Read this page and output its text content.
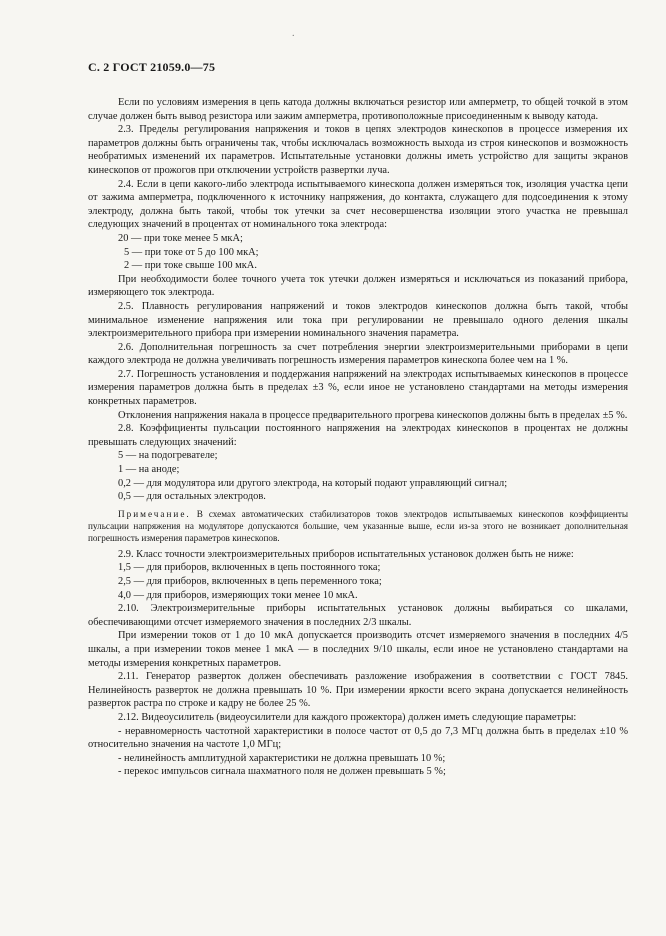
.
С. 2 ГОСТ 21059.0—75

Если по условиям измерения в цепь катода должны включаться резистор или амперметр, то общей точкой в этом случае должен быть вывод резистора или зажим амперметра, противоположные присоединенным к выводу катода.

2.3. Пределы регулирования напряжения и токов в цепях электродов кинескопов в процессе измерения их параметров должны быть ограничены так, чтобы исключалась возможность выхода из строя кинескопов и возможность необратимых изменений их параметров. Испытательные установки должны иметь устройство для защиты экранов кинескопов от прожогов при отключении устройств развертки луча.

2.4. Если в цепи какого-либо электрода испытываемого кинескопа должен измеряться ток, изоляция участка цепи от зажима амперметра, подключенного к источнику напряжения, до контакта, служащего для подсоединения к этому электроду, должна быть такой, чтобы ток утечки за счет несовершенства изоляции этого участка не превышал следующих значений в процентах от номинального тока электрода:

20 — при токе менее 5 мкА;

5 — при токе от 5 до 100 мкА;

2 — при токе свыше 100 мкА.

При необходимости более точного учета ток утечки должен измеряться и исключаться из показаний прибора, измеряющего ток электрода.

2.5. Плавность регулирования напряжений и токов электродов кинескопов должна быть такой, чтобы минимальное изменение напряжения или тока при регулировании не превышало одного деления шкалы электроизмерительного прибора при измерении номинального значения параметра.

2.6. Дополнительная погрешность за счет потребления энергии электроизмерительными приборами в цепи каждого электрода не должна увеличивать погрешность измерения параметров кинескопа более чем на 1 %.

2.7. Погрешность установления и поддержания напряжений на электродах испытываемых кинескопов в процессе измерения параметров должна быть в пределах ±3 %, если иное не установлено стандартами на методы измерения конкретных параметров.

Отклонения напряжения накала в процессе предварительного прогрева кинескопов должны быть в пределах ±5 %.

2.8. Коэффициенты пульсации постоянного напряжения на электродах кинескопов в процентах не должны превышать следующих значений:

5 — на подогревателе;

1 — на аноде;

0,2 — для модулятора или другого электрода, на который подают управляющий сигнал;

0,5 — для остальных электродов.

Примечание. В схемах автоматических стабилизаторов токов электродов испытываемых кинескопов коэффициенты пульсации напряжения на модуляторе допускаются большие, чем указанные выше, если из-за этого не возникает дополнительная погрешность измерения параметров кинескопов.

2.9. Класс точности электроизмерительных приборов испытательных установок должен быть не ниже:

1,5 — для приборов, включенных в цепь постоянного тока;

2,5 — для приборов, включенных в цепь переменного тока;

4,0 — для приборов, измеряющих токи менее 10 мкА.

2.10. Электроизмерительные приборы испытательных установок должны выбираться со шкалами, обеспечивающими отсчет измеряемого значения в последних 2/3 шкалы.

При измерении токов от 1 до 10 мкА допускается производить отсчет измеряемого значения в последних 4/5 шкалы, а при измерении токов менее 1 мкА — в последних 9/10 шкалы, если иное не установлено стандартами на методы измерения конкретных параметров.

2.11. Генератор разверток должен обеспечивать разложение изображения в соответствии с ГОСТ 7845. Нелинейность разверток не должна превышать 10 %. При измерении яркости всего экрана допускается нелинейность разверток растра по строке и кадру не более 25 %.

2.12. Видеоусилитель (видеоусилители для каждого прожектора) должен иметь следующие параметры:

- неравномерность частотной характеристики в полосе частот от 0,5 до 7,3 МГц должна быть в пределах ±10 % относительно значения на частоте 1,0 МГц;

- нелинейность амплитудной характеристики не должна превышать 10 %;

- перекос импульсов сигнала шахматного поля не должен превышать 5 %;
